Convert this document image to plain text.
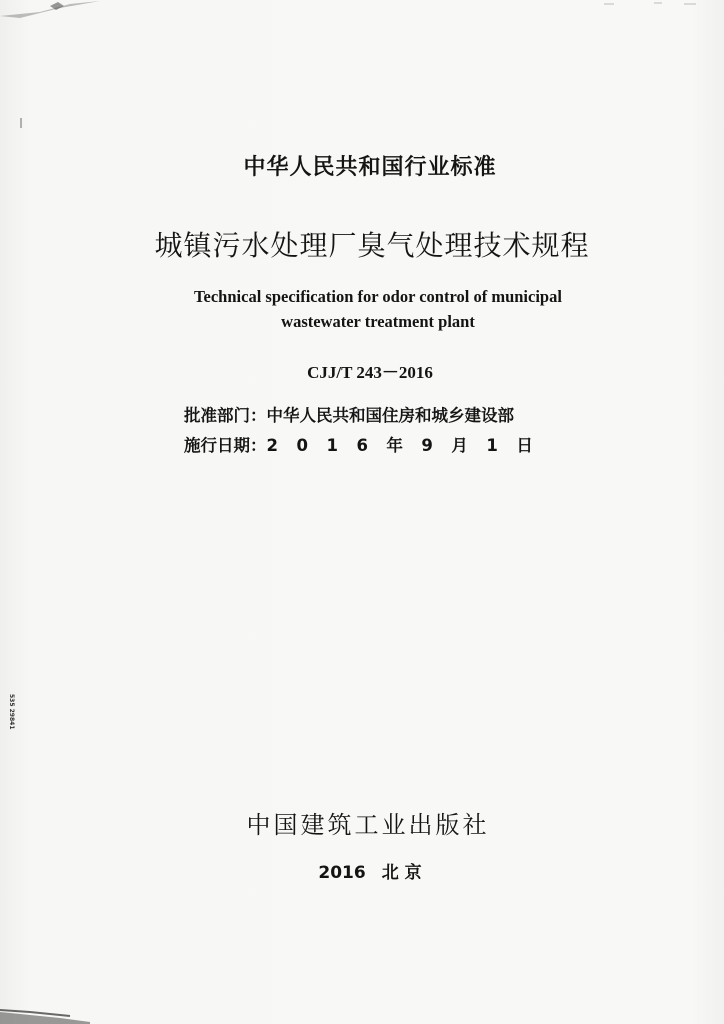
中华人民共和国行业标准
城镇污水处理厂臭气处理技术规程
Technical specification for odor control of municipal
wastewater treatment plant
CJJ/T 243－2016
批准部门：中华人民共和国住房和城乡建设部
施行日期：2016年9月1日
535 29841
中国建筑工业出版社
2016 北 京
